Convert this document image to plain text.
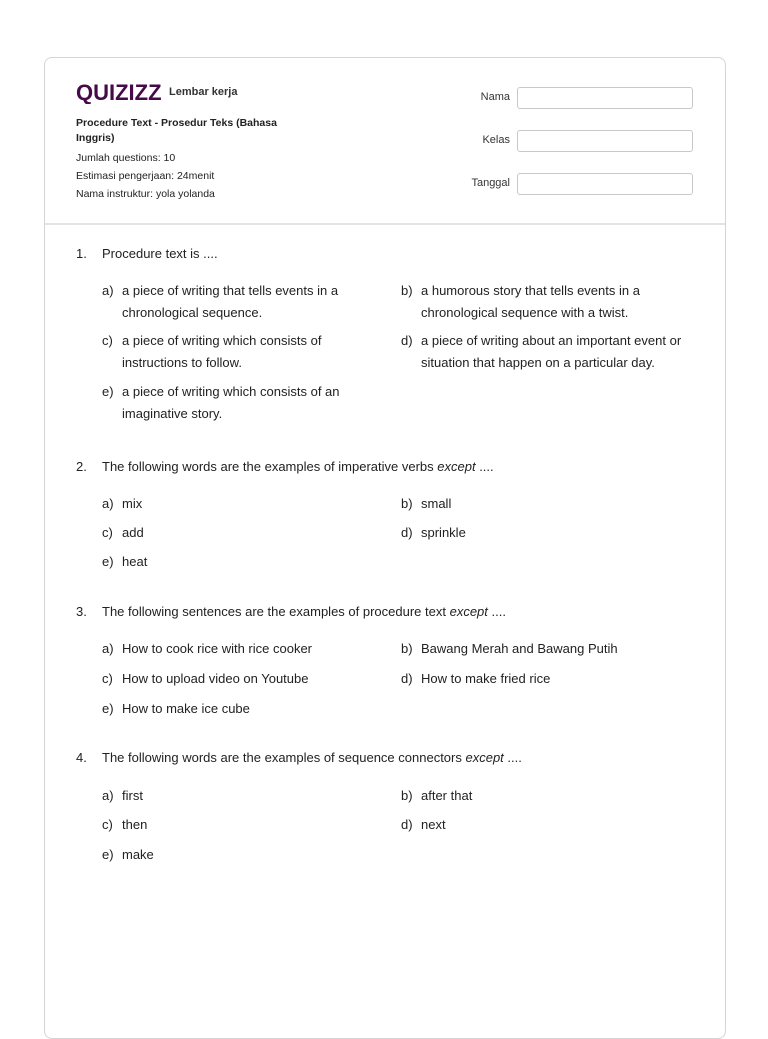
QUIZIZZ Lembar kerja
Procedure Text - Prosedur Teks (Bahasa Inggris)
Jumlah questions: 10
Estimasi pengerjaan: 24menit
Nama instruktur: yola yolanda
Nama
Kelas
Tanggal
1. Procedure text is ....
a) a piece of writing that tells events in a chronological sequence.
b) a humorous story that tells events in a chronological sequence with a twist.
c) a piece of writing which consists of instructions to follow.
d) a piece of writing about an important event or situation that happen on a particular day.
e) a piece of writing which consists of an imaginative story.
2. The following words are the examples of imperative verbs except ....
a) mix	b) small
c) add	d) sprinkle
e) heat
3. The following sentences are the examples of procedure text except ....
a) How to cook rice with rice cooker	b) Bawang Merah and Bawang Putih
c) How to upload video on Youtube	d) How to make fried rice
e) How to make ice cube
4. The following words are the examples of sequence connectors except ....
a) first	b) after that
c) then	d) next
e) make
